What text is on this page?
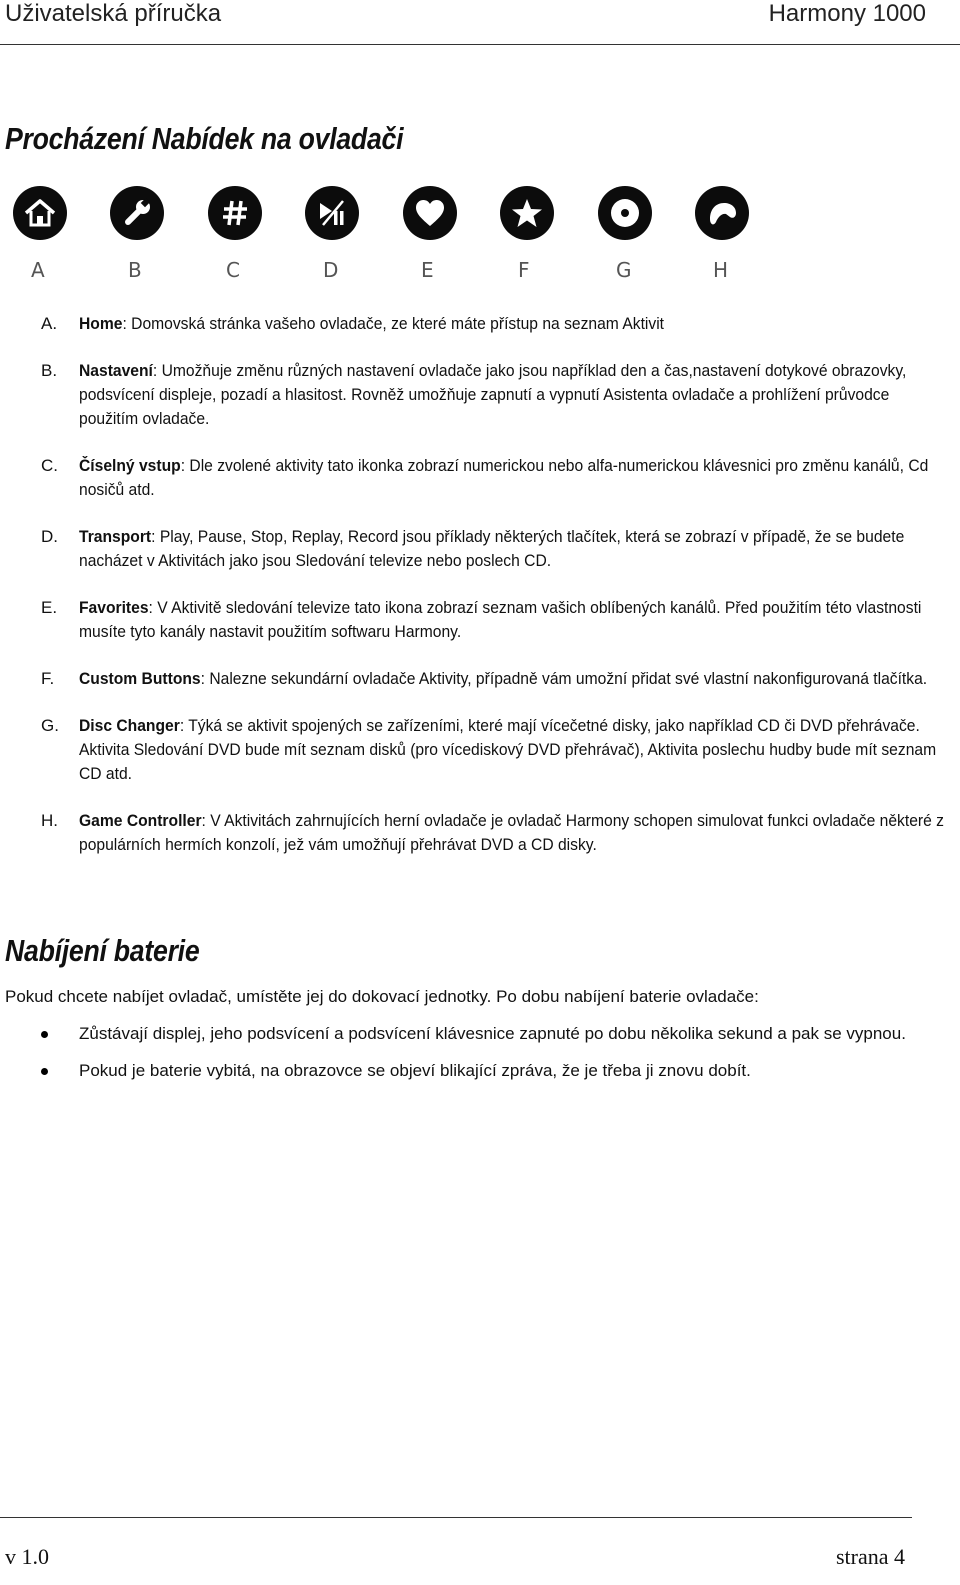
Uživatelská příručka	Harmony 1000
Procházení Nabídek na ovladači
A	B	C	D	E	F	G	H
A. Home: Domovská stránka vašeho ovladače, ze které máte přístup na seznam Aktivit
B. Nastavení: Umožňuje změnu různých nastavení ovladače jako jsou například den a čas,nastavení dotykové obrazovky, podsvícení displeje, pozadí a hlasitost. Rovněž umožňuje zapnutí a vypnutí Asistenta ovladače a prohlížení průvodce použitím ovladače.
C. Číselný vstup: Dle zvolené aktivity tato ikonka zobrazí numerickou nebo alfa-numerickou klávesnici pro změnu kanálů, Cd nosičů atd.
D. Transport: Play, Pause, Stop, Replay, Record jsou příklady některých tlačítek, která se zobrazí v případě, že se budete nacházet v Aktivitách jako jsou Sledování televize nebo poslech CD.
E. Favorites: V Aktivitě sledování televize tato ikona zobrazí seznam vašich oblíbených kanálů. Před použitím této vlastnosti musíte tyto kanály nastavit použitím softwaru Harmony.
F. Custom Buttons: Nalezne sekundární ovladače Aktivity, případně vám umožní přidat své vlastní nakonfigurovaná tlačítka.
G. Disc Changer: Týká se aktivit spojených se zařízeními, které mají vícečetné disky, jako například CD či DVD přehrávače. Aktivita Sledování DVD bude mít seznam disků (pro vícediskový DVD přehrávač), Aktivita poslechu hudby bude mít seznam CD atd.
H. Game Controller: V Aktivitách zahrnujících herní ovladače je ovladač Harmony schopen simulovat funkci ovladače některé z populárních hermích konzolí, jež vám umožňují přehrávat DVD a CD disky.
Nabíjení baterie
Pokud chcete nabíjet ovladač, umístěte jej do dokovací jednotky. Po dobu nabíjení baterie ovladače:
Zůstávají displej, jeho podsvícení a podsvícení klávesnice zapnuté po dobu několika sekund a pak se vypnou.
Pokud je baterie vybitá, na obrazovce se objeví blikající zpráva, že je třeba ji znovu dobít.
v 1.0	strana 4
